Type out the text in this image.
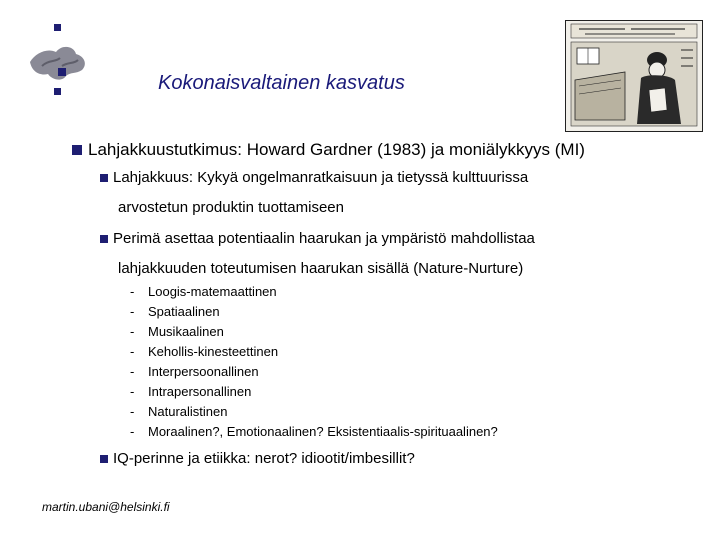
Kokonaisvaltainen kasvatus
Lahjakkuustutkimus: Howard Gardner (1983) ja moniälykkyys (MI)
Lahjakkuus: Kykyä ongelmanratkaisuun ja tietyssä kulttuurissa
arvostetun produktin tuottamiseen
Perimä asettaa potentiaalin haarukan ja ympäristö mahdollistaa
lahjakkuuden toteutumisen haarukan sisällä (Nature-Nurture)
- Loogis-matemaattinen
- Spatiaalinen
- Musikaalinen
- Kehollis-kinesteettinen
- Interpersoonallinen
- Intrapersonallinen
- Naturalistinen
- Moraalinen?, Emotionaalinen? Eksistentiaalis-spirituaalinen?
IQ-perinne ja etiikka: nerot? idiootit/imbesillit?
martin.ubani@helsinki.fi
